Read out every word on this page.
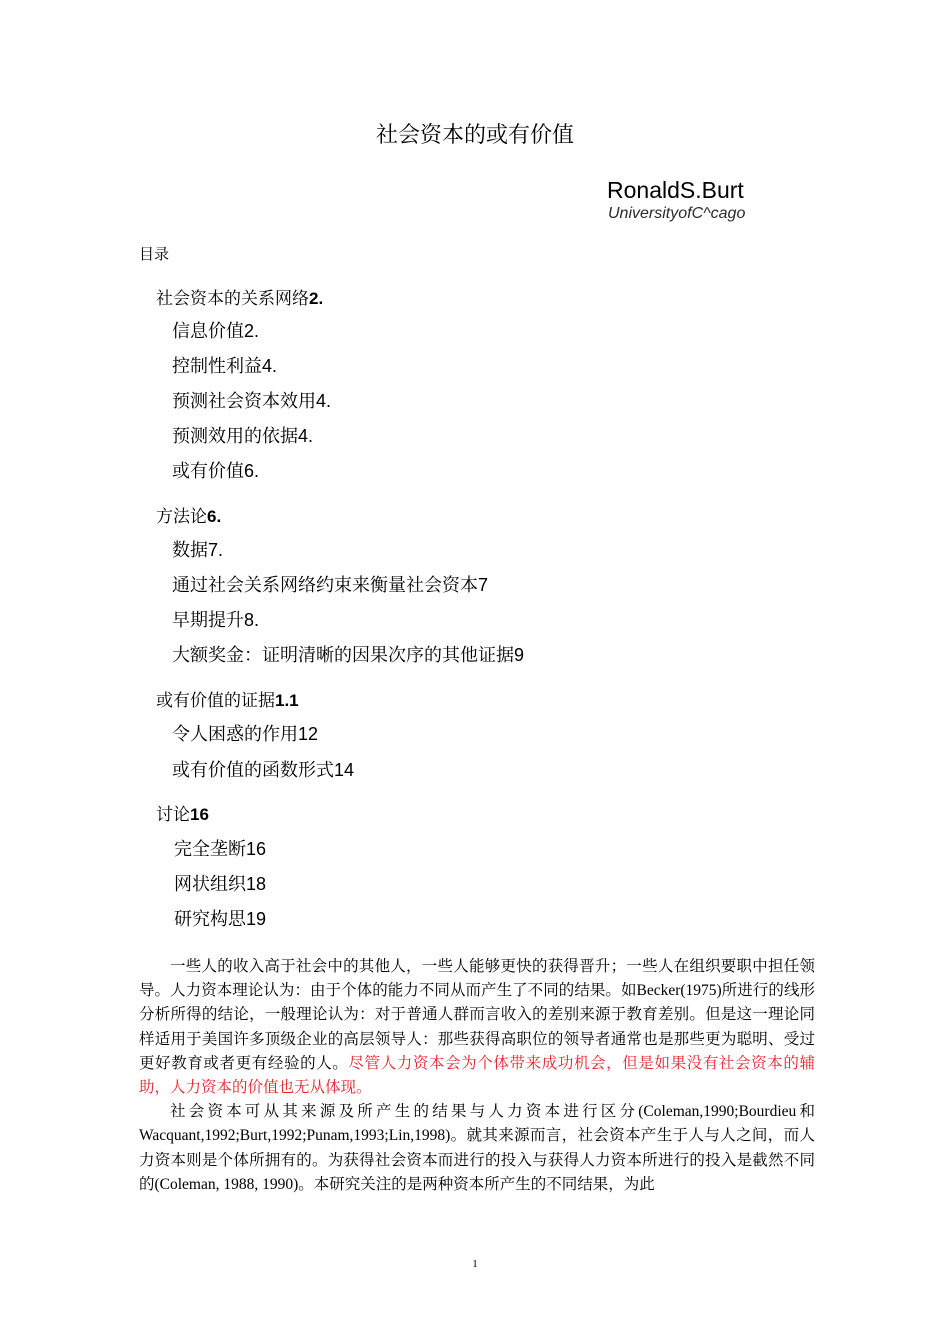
社会资本的或有价值
RonaldS.Burt
UniversityofC^cago
目录
社会资本的关系网络2.
信息价值2.
控制性利益4.
预测社会资本效用4.
预测效用的依据4.
或有价值6.
方法论6.
数据7.
通过社会关系网络约束来衡量社会资本7
早期提升8.
大额奖金：证明清晰的因果次序的其他证据9
或有价值的证据1.1
令人困惑的作用12
或有价值的函数形式14
讨论16
完全垄断16
网状组织18
研究构思19

一些人的收入高于社会中的其他人，一些人能够更快的获得晋升；一些人在组织要职中担任领导。人力资本理论认为：由于个体的能力不同从而产生了不同的结果。如Becker(1975)所进行的线形分析所得的结论，一般理论认为：对于普通人群而言收入的差别来源于教育差别。但是这一理论同样适用于美国许多顶级企业的高层领导人：那些获得高职位的领导者通常也是那些更为聪明、受过更好教育或者更有经验的人。尽管人力资本会为个体带来成功机会，但是如果没有社会资本的辅助，人力资本的价值也无从体现。

社会资本可从其来源及所产生的结果与人力资本进行区分(Coleman,1990;Bourdieu和Wacquant,1992;Burt,1992;Punam,1993;Lin,1998)。就其来源而言，社会资本产生于人与人之间，而人力资本则是个体所拥有的。为获得社会资本而进行的投入与获得人力资本所进行的投入是截然不同的(Coleman, 1988, 1990)。本研究关注的是两种资本所产生的不同结果，为此

1
